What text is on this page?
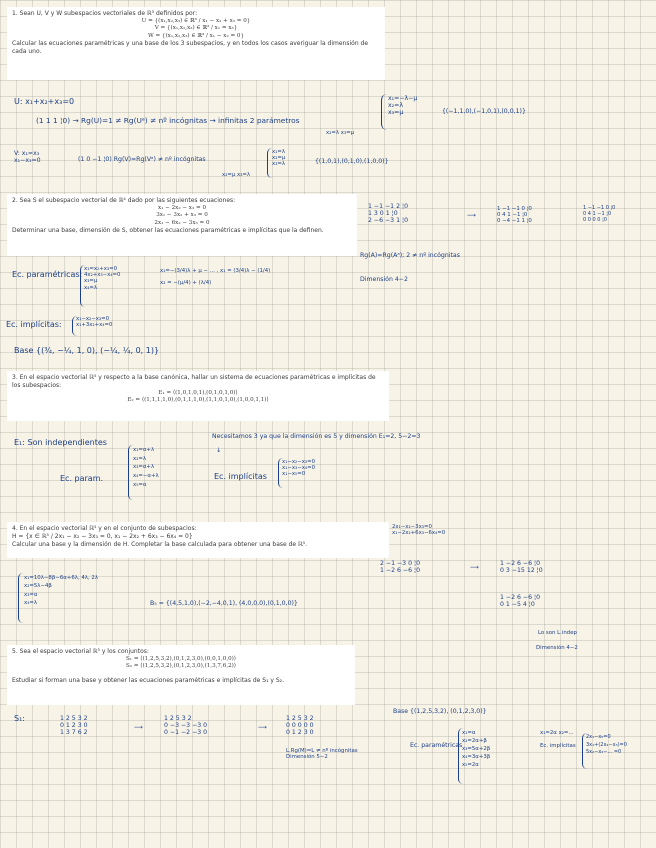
1. Sean U, V y W subespacios vectoriales de ℝ³ definidos por:

U = {(x₁,x₂,x₃) ∈ ℝ³ / x₁ − x₂ + x₃ = 0}

V = {(x₁,x₂,x₃) ∈ ℝ³ / x₁ = x₃}

W = {(x₁,x₂,x₃) ∈ ℝ³ / x₁ − x₂ = 0}

Calcular las ecuaciones paramétricas y una base de los 3 subespacios, y en todos los casos averiguar la dimensión de cada uno.

U: x₁+x₂+x₃=0
(1 1 1 ¦0) → Rg(U)=1 ≠ Rg(Uᵃ) ≠ nº incógnitas → infinitas 2 parámetros
x₂=λ x₃=μ

x₁=−λ−μ

x₂=λ

x₃=μ	{(−1,1,0),(−1,0,1),(0,0,1)}

V: x₁=x₃

x₁−x₃=0	(1 0 −1 ¦0) Rg(V)=Rg(Vᵃ) ≠ nº incógnitas
x₂=μ x₃=λ

x₁=λ

x₂=μ

x₃=λ	{(1,0,1),(0,1,0),(1,0,0)}

2. Sea S el subespacio vectorial de ℝ⁴ dado por las siguientes ecuaciones:

x₁ − 2x₂ − x₃ = 0

3x₁ − 3x₂ + x₃ = 0

2x₁ − 6x₂ − 3x₃ = 0

Determinar una base, dimensión de S, obtener las ecuaciones paramétricas e implícitas que la definen.

1 −1 −1 2 ¦0

1 3 0 1 ¦0

2 −6 −3 1 ¦0

⟶

1 −1 −1 0 ¦0

0 4 1 −1 ¦0

0 −4 −1 1 ¦0

1 −1 −1 0 ¦0

0 4 1 −1 ¦0

0 0 0 0 ¦0

Rg(A)=Rg(Aᵃ); 2 ≠ nº incógnitas
Dimensión 4−2
Ec. paramétricas:

x₁=x₂+x₃=0

4x₂+x₃−x₄=0

x₃=μ

x₄=λ

x₁=−(3/4)λ + μ − ... , x₁ = (3/4)λ − (1/4)
x₂ = −(μ/4) + (λ/4)
Ec. implícitas:

x₁−x₂−x₃=0

x₁+3x₂+x₄=0

Base {(¾, −¼, 1, 0), (−¼, ¼, 0, 1)}

3. En el espacio vectorial ℝ⁵ y respecto a la base canónica, hallar un sistema de ecuaciones paramétricas e implícitas de los subespacios:

E₁ = ⟨(1,0,1,0,1),(0,1,0,1,0)⟩

E₂ = ⟨(1,1,1,1,0),(0,1,1,1,0),(1,1,0,1,0),(1,0,0,1,1)⟩

E₁: Son independientes
Necesitamos 3 ya que la dimensión es 5 y dimensión E₁=2, 5−2=3
↓
Ec. param.

x₁=α+λ

x₂=λ

x₃=α+λ

x₄=−α+λ

x₅=α

Ec. implícitas

x₁−x₂−x₃=0

x₁−x₃−x₄=0

x₁−x₅=0

4. En el espacio vectorial ℝ⁵ y en el conjunto de subespacios:

H = {x ∈ ℝ⁵ / 2x₁ − x₂ − 3x₃ = 0, x₁ − 2x₂ + 6x₃ − 6x₄ = 0}

Calcular una base y la dimensión de H. Completar la base calculada para obtener una base de ℝ⁵.

2x₁−x₂−3x₃=0

x₁−2x₂+6x₃−6x₄=0

2 −1 −3 0 ¦0

1 −2 6 −6 ¦0	⟶

1 −2 6 −6 ¦0

0 3 −15 12 ¦0

1 −2 6 −6 ¦0

0 1 −5 4 ¦0

x₁=10λ−8β−6α+6λ, 4λ, 2λ

x₂=5λ−4β

x₃=α

x₄=λ	B₅ = {(4,5,1,0),(−2,−4,0,1), (4,0,0,0),(0,1,0,0)}
Lo son L.indep
Dimensión 4−2

5. Sea el espacio vectorial ℝ⁵ y los conjuntos:

S₁ = ⟨(1,2,5,3,2),(0,1,2,3,0),(0,0,1,0,0)⟩

S₂ = ⟨(1,2,5,3,2),(0,1,2,3,0),(1,3,7,6,2)⟩

Estudiar si forman una base y obtener las ecuaciones paramétricas e implícitas de S₁ y S₂.

S₁:	1 2 5 3 2

0 1 2 3 0

1 3 7 6 2

⟶

1 2 5 3 2

0 −3 −3 −3 0

0 −1 −2 −3 0

⟶

1 2 5 3 2

0 0 0 0 0

0 1 2 3 0

L.Rg(M)=L ≠ nº incógnitas

Dimensión 5−2

Base {(1,2,5,3,2), (0,1,2,3,0)}
Ec. paramétricas

x₁=α

x₂=2α+β

x₃=5α+2β

x₄=3α+3β

x₅=2α

Ec. implícitas
x₁=2α x₂=...

2x₁−x₅=0

3x₁+(2x₂−x₃)=0

5x₂−x₃−... =0
